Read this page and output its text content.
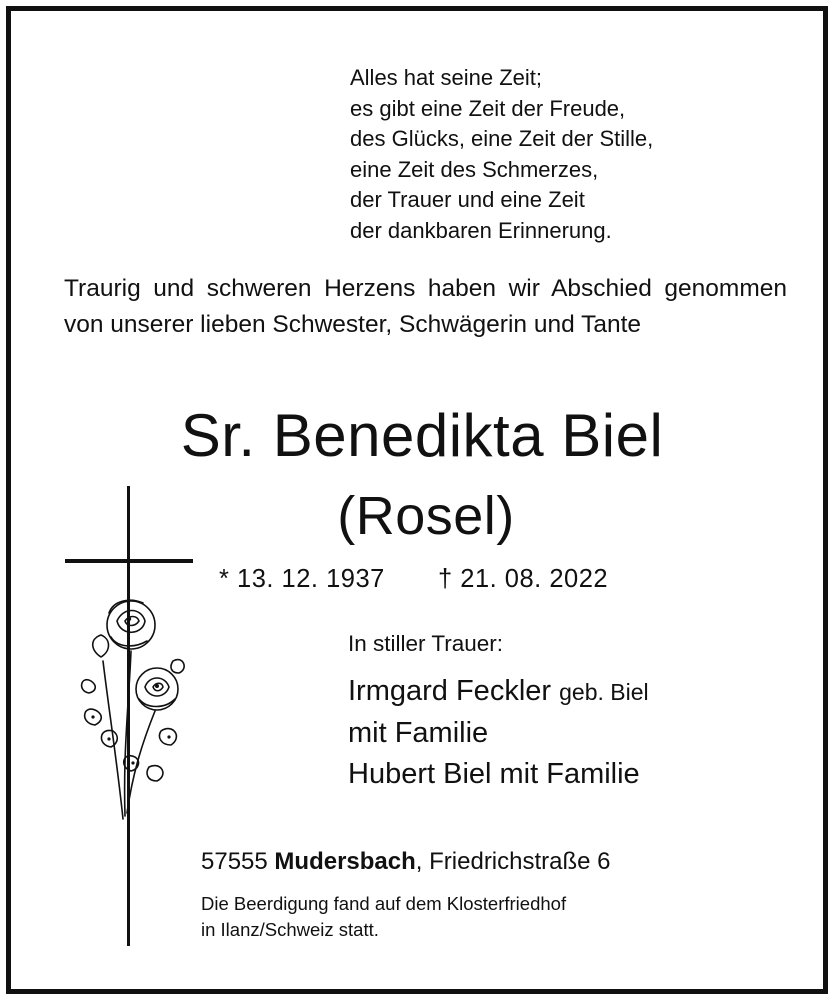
Alles hat seine Zeit;
es gibt eine Zeit der Freude,
des Glücks, eine Zeit der Stille,
eine Zeit des Schmerzes,
der Trauer und eine Zeit
der dankbaren Erinnerung.

Traurig und schweren Herzens haben wir Abschied genommen von unserer lieben Schwester, Schwägerin und Tante

Sr. Benedikta Biel
(Rosel)
* 13. 12. 1937 † 21. 08. 2022
In stiller Trauer:
Irmgard Feckler geb. Biel
mit Familie
Hubert Biel mit Familie
57555 Mudersbach, Friedrichstraße 6
Die Beerdigung fand auf dem Klosterfriedhof
in Ilanz/Schweiz statt.
